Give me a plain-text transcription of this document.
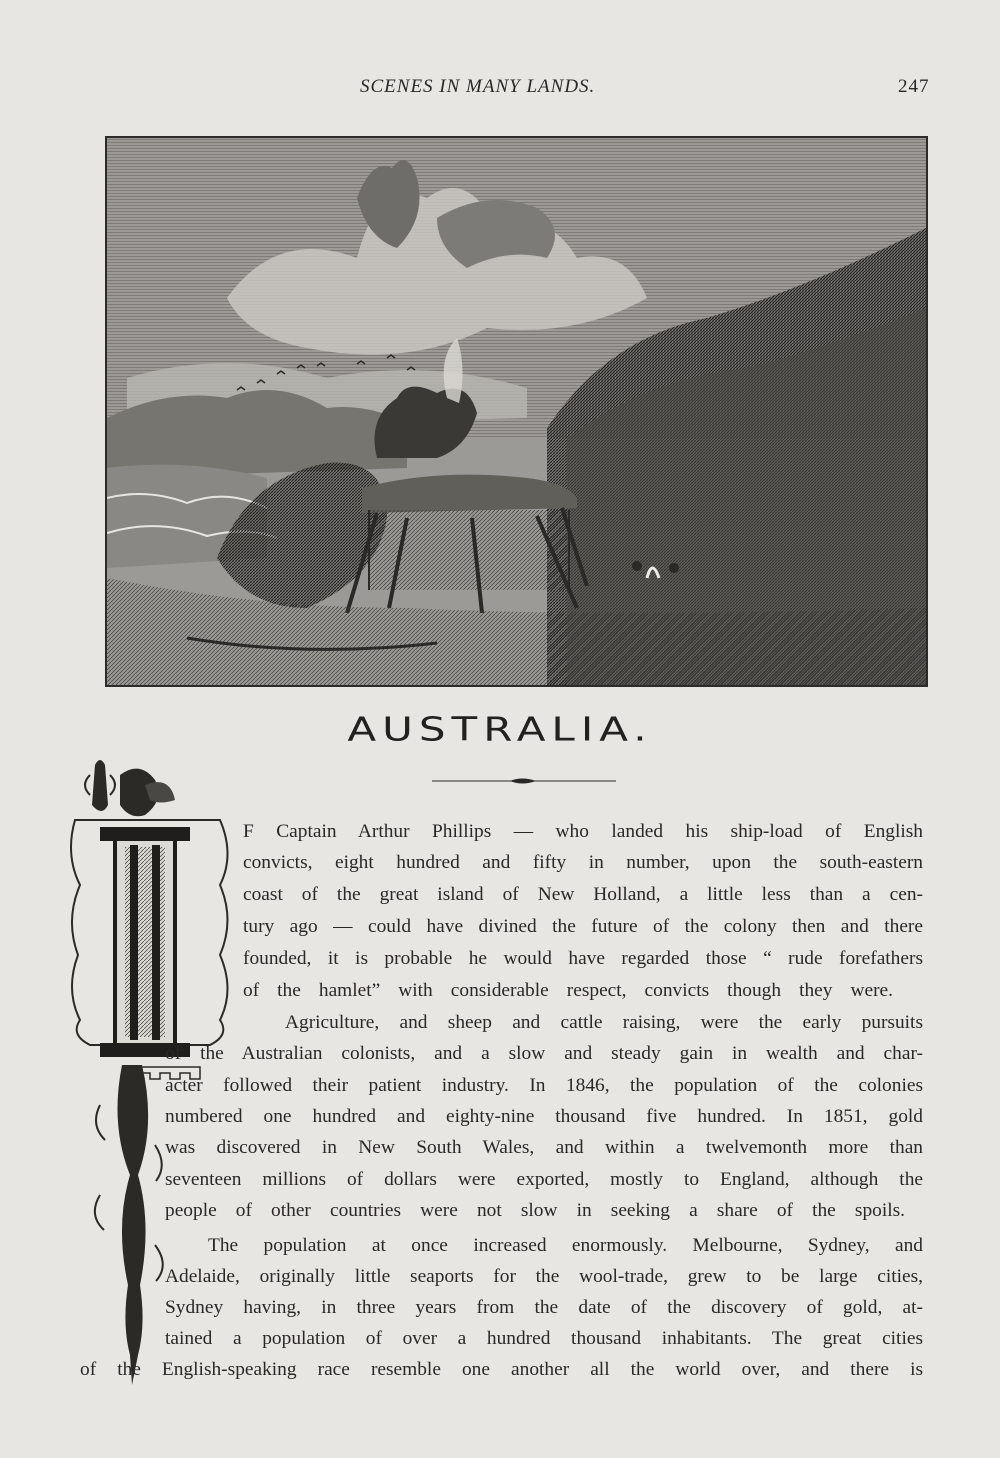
SCENES IN MANY LANDS.	247
AUSTRALIA.
F Captain Arthur Phillips — who landed his ship-load of English
convicts, eight hundred and fifty in number, upon the south-eastern
coast of the great island of New Holland, a little less than a cen-
tury ago — could have divined the future of the colony then and there
founded, it is probable he would have regarded those “ rude forefathers
of the hamlet” with considerable respect, convicts though they were.
Agriculture, and sheep and cattle raising, were the early pursuits
of the Australian colonists, and a slow and steady gain in wealth and char-
acter followed their patient industry. In 1846, the population of the colonies
numbered one hundred and eighty-nine thousand five hundred. In 1851, gold
was discovered in New South Wales, and within a twelvemonth more than
seventeen millions of dollars were exported, mostly to England, although the
people of other countries were not slow in seeking a share of the spoils.
The population at once increased enormously. Melbourne, Sydney, and
Adelaide, originally little seaports for the wool-trade, grew to be large cities,
Sydney having, in three years from the date of the discovery of gold, at-
tained a population of over a hundred thousand inhabitants. The great cities
of the English-speaking race resemble one another all the world over, and there is
